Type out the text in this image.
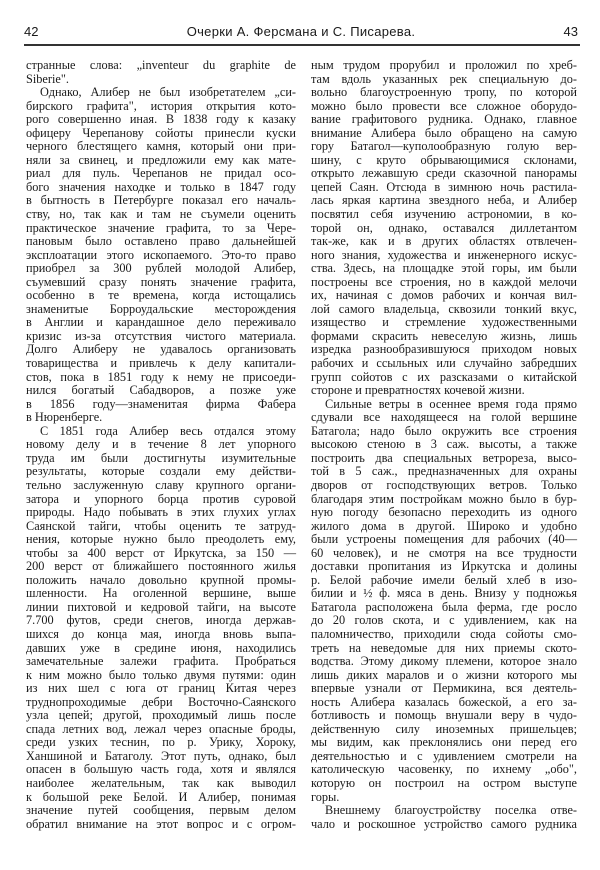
42	Очерки А. Ферсмана и С. Писарева.	43
странные слова: „inventeur du graphite de
Siberie".
Однако, Алибер не был изобретателем „си-
бирского графита", история открытия кото-
рого совершенно иная. В 1838 году к казаку
офицеру Черепанову сойоты принесли куски
черного блестящего камня, который они при-
няли за свинец, и предложили ему как мате-
риал для пуль. Черепанов не придал осо-
бого значения находке и только в 1847 году
в бытность в Петербурге показал его началь-
ству, но, так как и там не съумели оценить
практическое значение графита, то за Чере-
пановым было оставлено право дальнейшей
эксплоатации этого ископаемого. Это-то право
приобрел за 300 рублей молодой Алибер,
съумевший сразу понять значение графита,
особенно в те времена, когда истощались
знаменитые Борроудальские месторождения
в Англии и карандашное дело переживало
кризис из-за отсутствия чистого материала.
Долго Алиберу не удавалось организовать
товарищества и привлечь к делу капитали-
стов, пока в 1851 году к нему не присоеди-
нился богатый Сабадворов, а позже уже
в 1856 году—знаменитая фирма Фабера
в Нюренберге.
С 1851 года Алибер весь отдался этому
новому делу и в течение 8 лет упорного
труда им были достигнуты изумительные
результаты, которые создали ему действи-
тельно заслуженную славу крупного органи-
затора и упорного борца против суровой
природы. Надо побывать в этих глухих углах
Саянской тайги, чтобы оценить те затруд-
нения, которые нужно было преодолеть ему,
чтобы за 400 верст от Иркутска, за 150 —
200 верст от ближайшего постоянного жилья
положить начало довольно крупной промы-
шленности. На оголенной вершине, выше
линии пихтовой и кедровой тайги, на высоте
7.700 футов, среди снегов, иногда держав-
шихся до конца мая, иногда вновь выпа-
давших уже в средине июня, находились
замечательные залежи графита. Пробраться
к ним можно было только двумя путями: один
из них шел с юга от границ Китая через
труднопроходимые дебри Восточно-Саянского
узла цепей; другой, проходимый лишь после
спада летних вод, лежал через опасные броды,
среди узких теснин, по р. Урику, Хороку,
Ханшиной и Батаголу. Этот путь, однако, был
опасен в большую часть года, хотя и являлся
наиболее желательным, так как выводил
к большой реке Белой. И Алибер, понимая
значение путей сообщения, первым делом
обратил внимание на этот вопрос и с огром-
ным трудом прорубил и проложил по хреб-
там вдоль указанных рек специальную до-
вольно благоустроенную тропу, по которой
можно было провести все сложное оборудо-
вание графитового рудника. Однако, главное
внимание Алибера было обращено на самую
гору Батагол—куполообразную голую вер-
шину, с круто обрывающимися склонами,
открыто лежавшую среди сказочной панорамы
цепей Саян. Отсюда в зимнюю ночь растила-
лась яркая картина звездного неба, и Алибер
посвятил себя изучению астрономии, в ко-
торой он, однако, оставался диллетантом
так-же, как и в других областях отвлечен-
ного знания, художества и инженерного искус-
ства. Здесь, на площадке этой горы, им были
построены все строения, но в каждой мелочи
их, начиная с домов рабочих и кончая вил-
лой самого владельца, сквозили тонкий вкус,
изящество и стремление художественными
формами скрасить невеселую жизнь, лишь
изредка разнообразившуюся приходом новых
рабочих и ссыльных или случайно забредших
групп сойотов с их разсказами о китайской
стороне и превратностях кочевой жизни.
Сильные ветры в осеннее время года прямо
сдували все находящееся на голой вершине
Батагола; надо было окружить все строения
высокою стеною в 3 саж. высоты, а также
построить два специальных ветрореза, высо-
той в 5 саж., предназначенных для охраны
дворов от господствующих ветров. Только
благодаря этим постройкам можно было в бур-
ную погоду безопасно переходить из одного
жилого дома в другой. Широко и удобно
были устроены помещения для рабочих (40—
60 человек), и не смотря на все трудности
доставки пропитания из Иркутска и долины
р. Белой рабочие имели белый хлеб в изо-
билии и ½ ф. мяса в день. Внизу у подножья
Батагола расположена была ферма, где росло
до 20 голов скота, и с удивлением, как на
паломничество, приходили сюда сойоты смо-
треть на неведомые для них приемы ското-
водства. Этому дикому племени, которое знало
лишь диких маралов и о жизни которого мы
впервые узнали от Пермикина, вся деятель-
ность Алибера казалась божеской, а его за-
ботливость и помощь внушали веру в чудо-
действенную силу иноземных пришельцев;
мы видим, как преклонялись они перед его
деятельностью и с удивлением смотрели на
католическую часовенку, по ихнему „обо",
которую он построил на остром выступе
горы.
Внешнему благоустройству поселка отве-
чало и роскошное устройство самого рудника
